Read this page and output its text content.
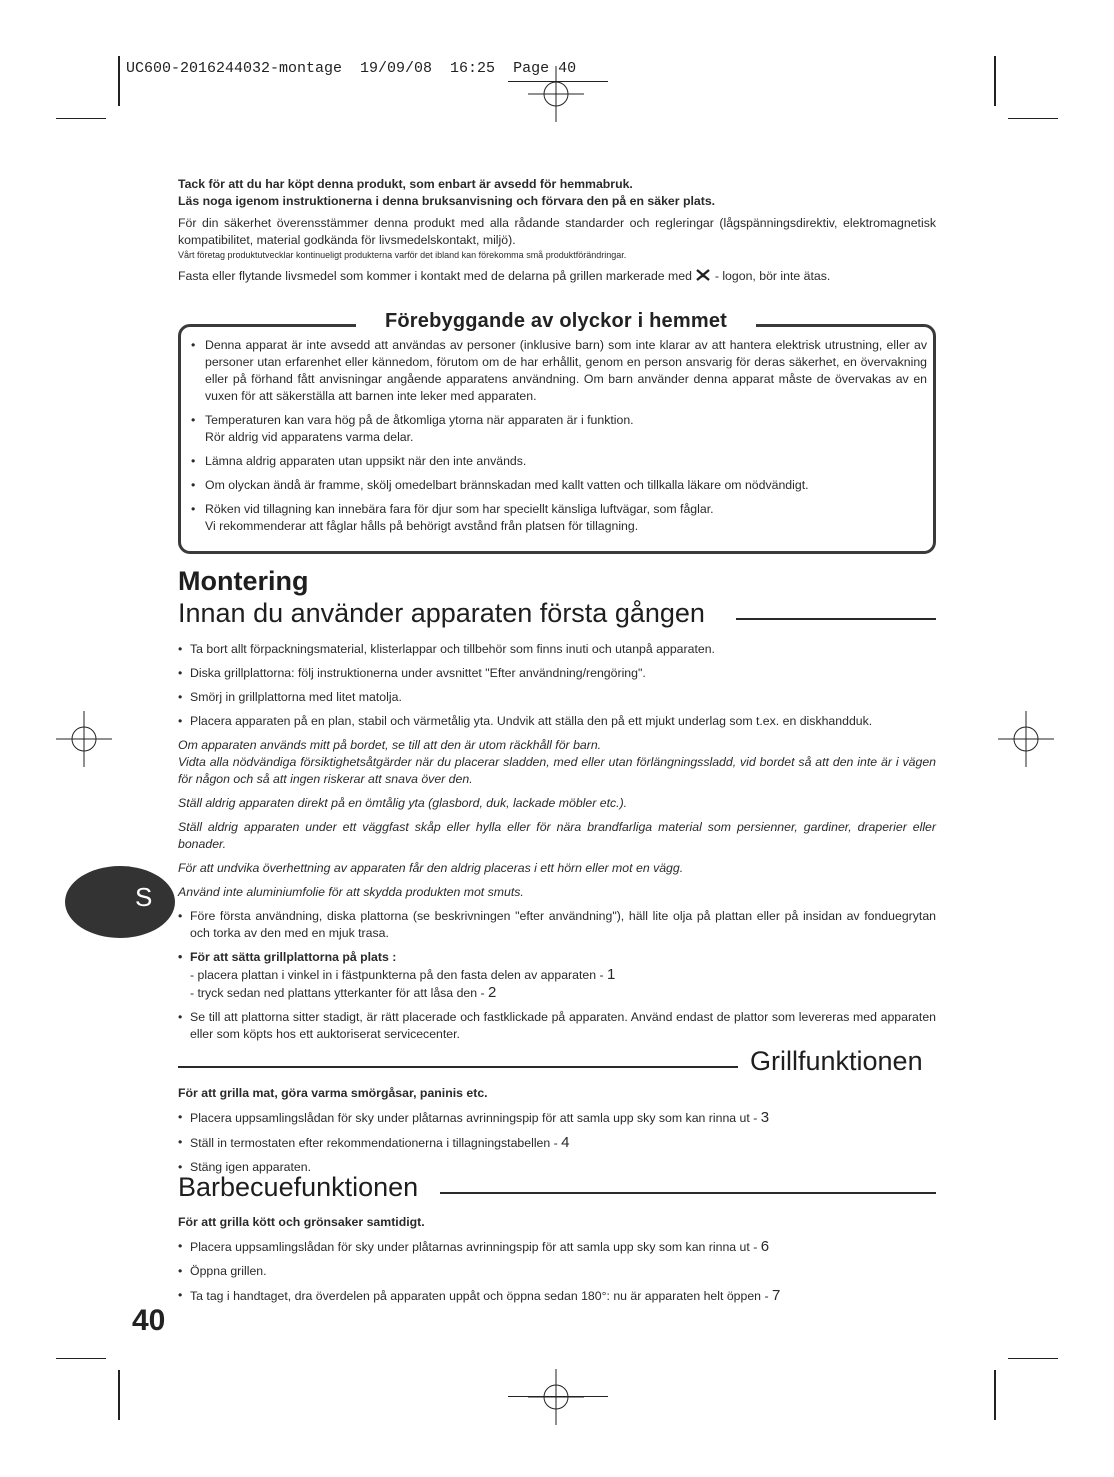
UC600-2016244032-montage  19/09/08  16:25  Page 40

Tack för att du har köpt denna produkt, som enbart är avsedd för hemmabruk.

Läs noga igenom instruktionerna i denna bruksanvisning och förvara den på en säker plats.

För din säkerhet överensstämmer denna produkt med alla rådande standarder och regleringar (lågspänningsdirektiv, elektromagnetisk kompatibilitet, material godkända för livsmedelskontakt, miljö).

Vårt företag produktutvecklar kontinueligt produkterna varför det ibland kan förekomma små produktförändringar.

Fasta eller flytande livsmedel som kommer i kontakt med de delarna på grillen markerade med - logon, bör inte ätas.

• Denna apparat är inte avsedd att användas av personer (inklusive barn) som inte klarar av att hantera elektrisk utrustning, eller av personer utan erfarenhet eller kännedom, förutom om de har erhållit, genom en person ansvarig för deras säkerhet, en övervakning eller på förhand fått anvisningar angående apparatens användning. Om barn använder denna apparat måste de övervakas av en vuxen för att säkerställa att barnen inte leker med apparaten.
• Temperaturen kan vara hög på de åtkomliga ytorna när apparaten är i funktion.
Rör aldrig vid apparatens varma delar.
• Lämna aldrig apparaten utan uppsikt när den inte används.
• Om olyckan ändå är framme, skölj omedelbart brännskadan med kallt vatten och tillkalla läkare om nödvändigt.
• Röken vid tillagning kan innebära fara för djur som har speciellt känsliga luftvägar, som fåglar.
Vi rekommenderar att fåglar hålls på behörigt avstånd från platsen för tillagning.
Förebyggande av olyckor i hemmet
Montering
Innan du använder apparaten första gången

• Ta bort allt förpackningsmaterial, klisterlappar och tillbehör som finns inuti och utanpå apparaten.

• Diska grillplattorna: följ instruktionerna under avsnittet "Efter användning/rengöring".

• Smörj in grillplattorna med litet matolja.

• Placera apparaten på en plan, stabil och värmetålig yta. Undvik att ställa den på ett mjukt underlag som t.ex. en diskhandduk.

Om apparaten används mitt på bordet, se till att den är utom räckhåll för barn.

Vidta alla nödvändiga försiktighetsåtgärder när du placerar sladden, med eller utan förlängningssladd, vid bordet så att den inte är i vägen för någon och så att ingen riskerar att snava över den.

Ställ aldrig apparaten direkt på en ömtålig yta (glasbord, duk, lackade möbler etc.).

Ställ aldrig apparaten under ett väggfast skåp eller hylla eller för nära brandfarliga material som persienner, gardiner, draperier eller bonader.

För att undvika överhettning av apparaten får den aldrig placeras i ett hörn eller mot en vägg.

Använd inte aluminiumfolie för att skydda produkten mot smuts.

• Före första användning, diska plattorna (se beskrivningen "efter användning"), häll lite olja på plattan eller på insidan av fonduegrytan och torka av den med en mjuk trasa.

• För att sätta grillplattorna på plats :

- placera plattan i vinkel in i fästpunkterna på den fasta delen av apparaten - 1

- tryck sedan ned plattans ytterkanter för att låsa den - 2

• Se till att plattorna sitter stadigt, är rätt placerade och fastklickade på apparaten. Använd endast de plattor som levereras med apparaten eller som köpts hos ett auktoriserat servicecenter.

Grillfunktionen

För att grilla mat, göra varma smörgåsar, paninis etc.

• Placera uppsamlingslådan för sky under plåtarnas avrinningspip för att samla upp sky som kan rinna ut - 3

• Ställ in termostaten efter rekommendationerna i tillagningstabellen - 4

• Stäng igen apparaten.

Barbecuefunktionen

För att grilla kött och grönsaker samtidigt.

• Placera uppsamlingslådan för sky under plåtarnas avrinningspip för att samla upp sky som kan rinna ut - 6

• Öppna grillen.

• Ta tag i handtaget, dra överdelen på apparaten uppåt och öppna sedan 180°: nu är apparaten helt öppen - 7

S
40
